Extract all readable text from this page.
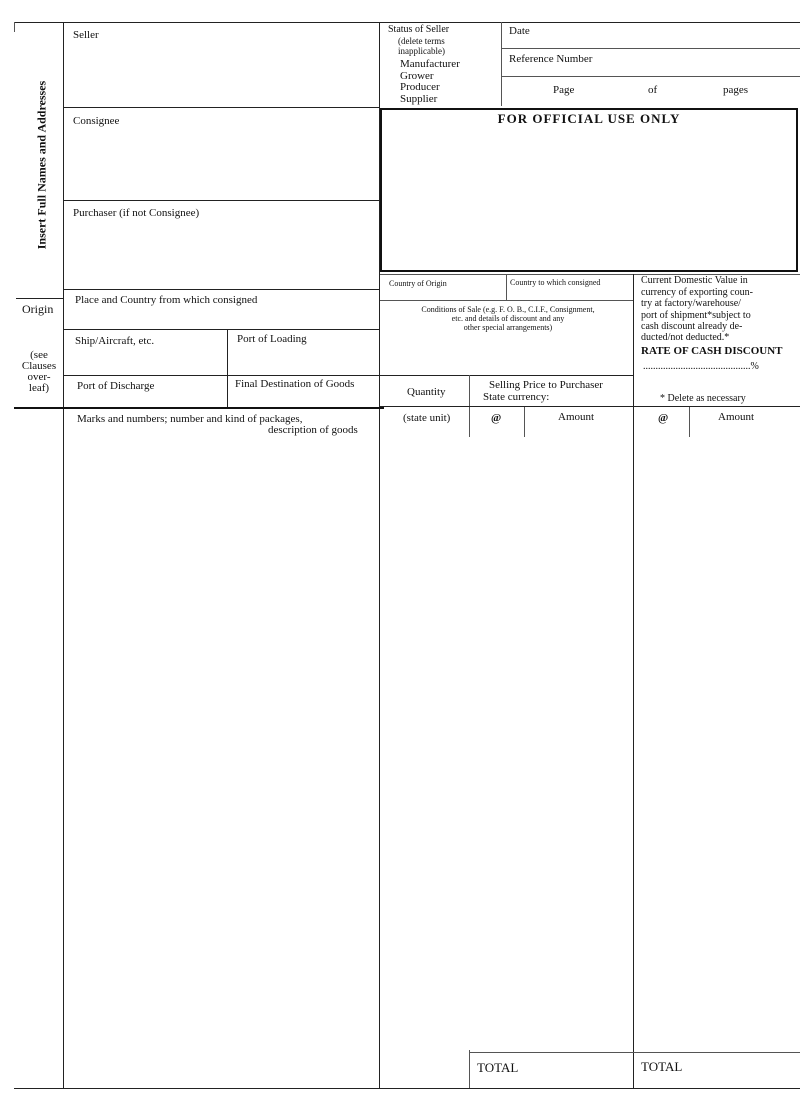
FOR OFFICIAL USE ONLY
Insert Full Names and Addresses
Origin
(see
Clauses
over-
leaf)
Seller	Status of Seller
(delete terms
inapplicable)
Manufacturer
Grower
Producer
Supplier
Date
Reference Number
Page	of	pages
Consignee
Purchaser (if not Consignee)
Country of Origin	Country to which consigned	Current Domestic Value in
currency of exporting coun-
try at factory/warehouse/
port of shipment*subject to
cash discount already de-
ducted/not deducted.*
RATE OF CASH DISCOUNT
...........................................%
* Delete as necessary
Place and Country from which consigned
Conditions of Sale (e.g. F. O. B., C.I.F., Consignment,
etc. and details of discount and any
other special arrangements)
Ship/Aircraft, etc.	Port of Loading
Port of Discharge	Final Destination of Goods
Quantity
Selling Price to Purchaser
State currency:
Marks and numbers; number and kind of packages,
description of goods
(state unit)	@	Amount	@	Amount
TOTAL	TOTAL
